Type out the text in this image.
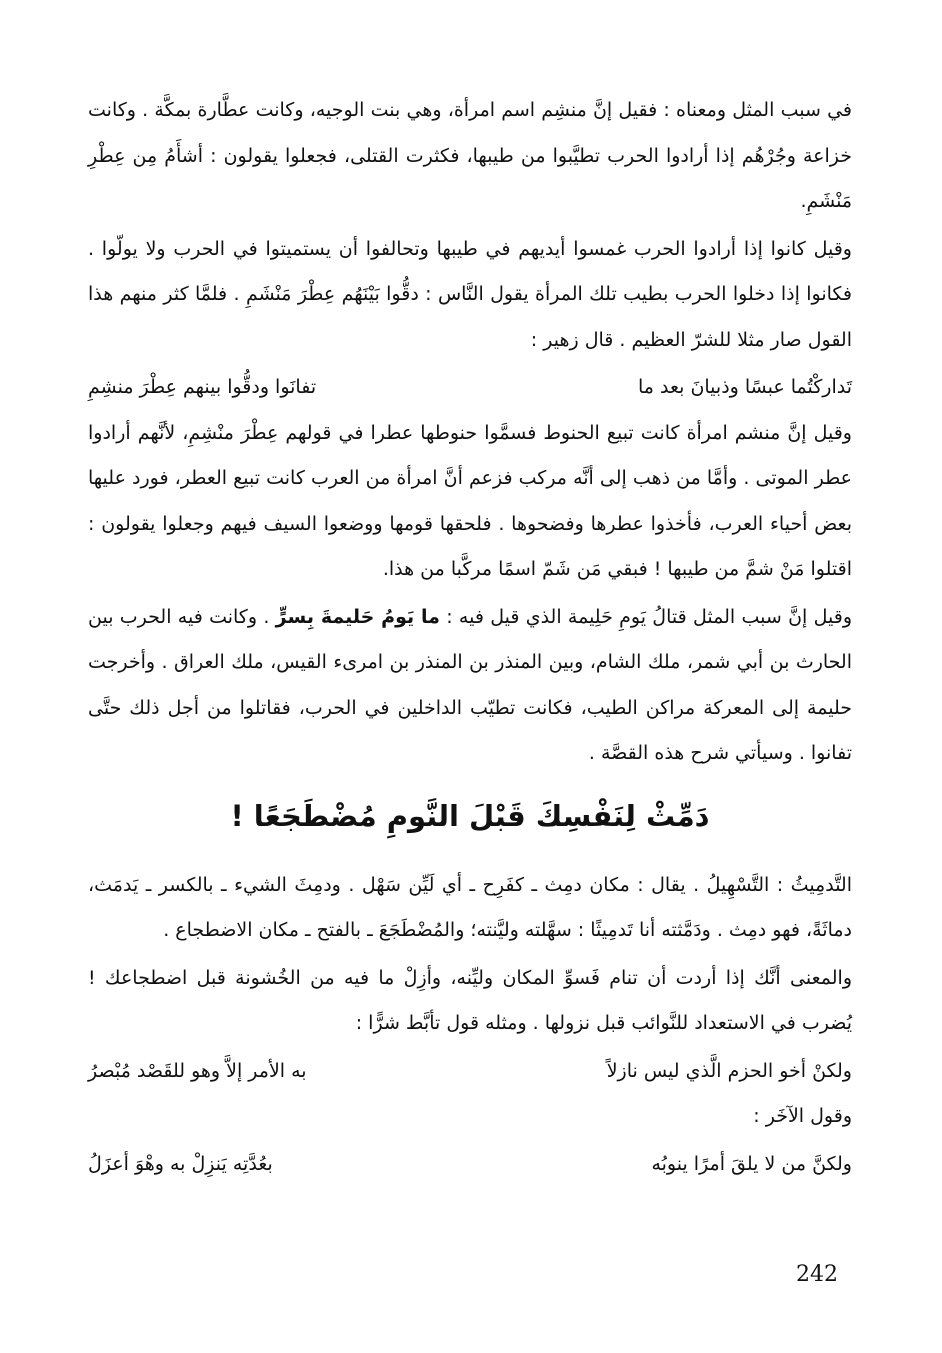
في سبب المثل ومعناه : فقيل إنَّ منشِم اسم امرأة، وهي بنت الوجيه، وكانت عطَّارة بمكَّة . وكانت خزاعة وجُرْهُم إذا أرادوا الحرب تطيَّبوا من طيبها، فكثرت القتلى، فجعلوا يقولون : أشأَمُ مِن عِطْرِ مَنْشَمِ.

وقيل كانوا إذا أرادوا الحرب غمسوا أيديهم في طيبها وتحالفوا أن يستميتوا في الحرب ولا يولّوا . فكانوا إذا دخلوا الحرب بطيب تلك المرأة يقول النَّاس : دقُّوا بَيْنَهُم عِطْرَ مَنْشَمِ . فلمَّا كثر منهم هذا القول صار مثلا للشرّ العظيم . قال زهير :

تَداركْتُما عبسًا وذبيانَ بعد ما
تفانَوا ودقُّوا بينهم عِطْرَ منشِمِ

وقيل إنَّ منشم امرأة كانت تبيع الحنوط فسمَّوا حنوطها عطرا في قولهم عِطْرَ منْشِمِ، لأنَّهم أرادوا عطر الموتى . وأمَّا من ذهب إلى أنَّه مركب فزعم أنَّ امرأة من العرب كانت تبيع العطر، فورد عليها بعض أحياء العرب، فأخذوا عطرها وفضحوها . فلحقها قومها ووضعوا السيف فيهم وجعلوا يقولون : اقتلوا مَنْ شمَّ من طيبها ! فبقي مَن شَمّ اسمًا مركَّبا من هذا.

وقيل إنَّ سبب المثل قتالُ يَومِ حَلِيمة الذي قيل فيه : ما يَومُ حَليمةَ بِسرٍّ . وكانت فيه الحرب بين الحارث بن أبي شمر، ملك الشام، وبين المنذر بن المنذر بن امرىء القيس، ملك العراق . وأخرجت حليمة إلى المعركة مراكن الطيب، فكانت تطيّب الداخلين في الحرب، فقاتلوا من أجل ذلك حتَّى تفانوا . وسيأتي شرح هذه القصَّة .

دَمِّثْ لِنَفْسِكَ قَبْلَ النَّومِ مُضْطَجَعًا !

التَّدمِيثُ : التَّسْهِيلُ . يقال : مكان دمِث ـ كفَرِح ـ أي لَيِّن سَهْل . ودمِثَ الشيء ـ بالكسر ـ يَدمَث، دماثَةً، فهو دمِث . ودَمَّثته أنا تَدمِيثًا : سهَّلته وليَّنته؛ والمُضْطَجَعَ ـ بالفتح ـ مكان الاضطجاع .

والمعنى أنَّك إذا أردت أن تنام فَسوِّ المكان وليِّنه، وأزِلْ ما فيه من الخُشونة قبل اضطجاعك ! يُضرب في الاستعداد للنَّوائب قبل نزولها . ومثله قول تأبَّط شرًّا :

ولكنْ أخو الحزم الَّذي ليس نازلاً
به الأمر إلاَّ وهو للقَصْد مُبْصرُ

وقول الآخَر :

ولكنَّ من لا يلقَ أمرًا ينوبُه
بعُدَّتِه يَنزِلْ به وهْوَ أعزَلُ
242
